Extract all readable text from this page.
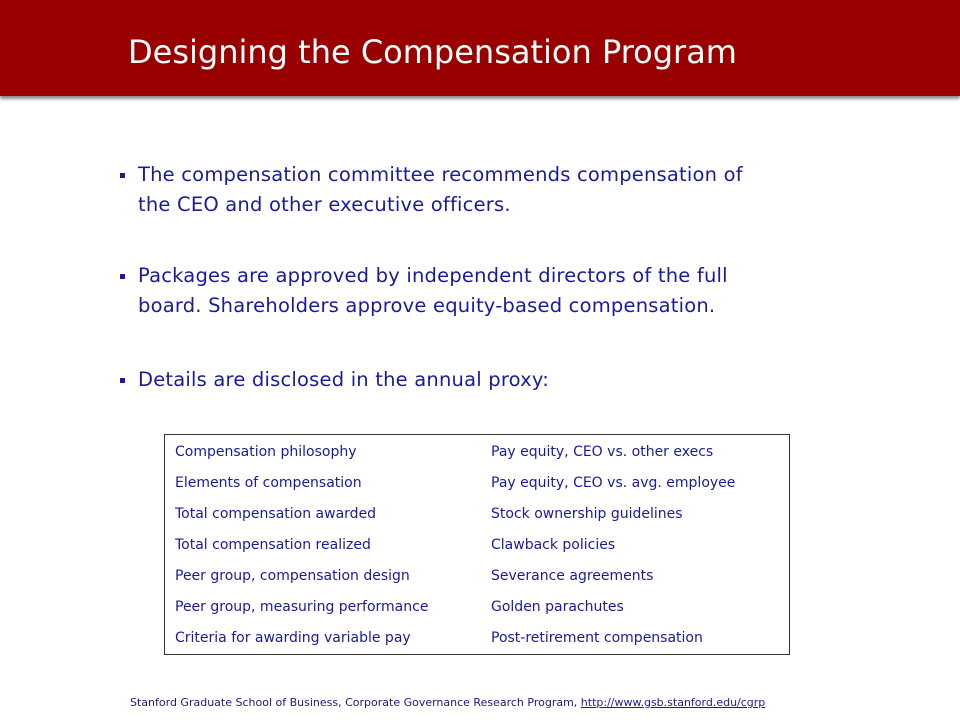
Designing the Compensation Program
The compensation committee recommends compensation of
the CEO and other executive officers.
Packages are approved by independent directors of the full
board. Shareholders approve equity-based compensation.
Details are disclosed in the annual proxy:
Compensation philosophy	Pay equity, CEO vs. other execs
Elements of compensation	Pay equity, CEO vs. avg. employee
Total compensation awarded	Stock ownership guidelines
Total compensation realized	Clawback policies
Peer group, compensation design	Severance agreements
Peer group, measuring performance	Golden parachutes
Criteria for awarding variable pay	Post-retirement compensation
Stanford Graduate School of Business, Corporate Governance Research Program, http://www.gsb.stanford.edu/cgrp
